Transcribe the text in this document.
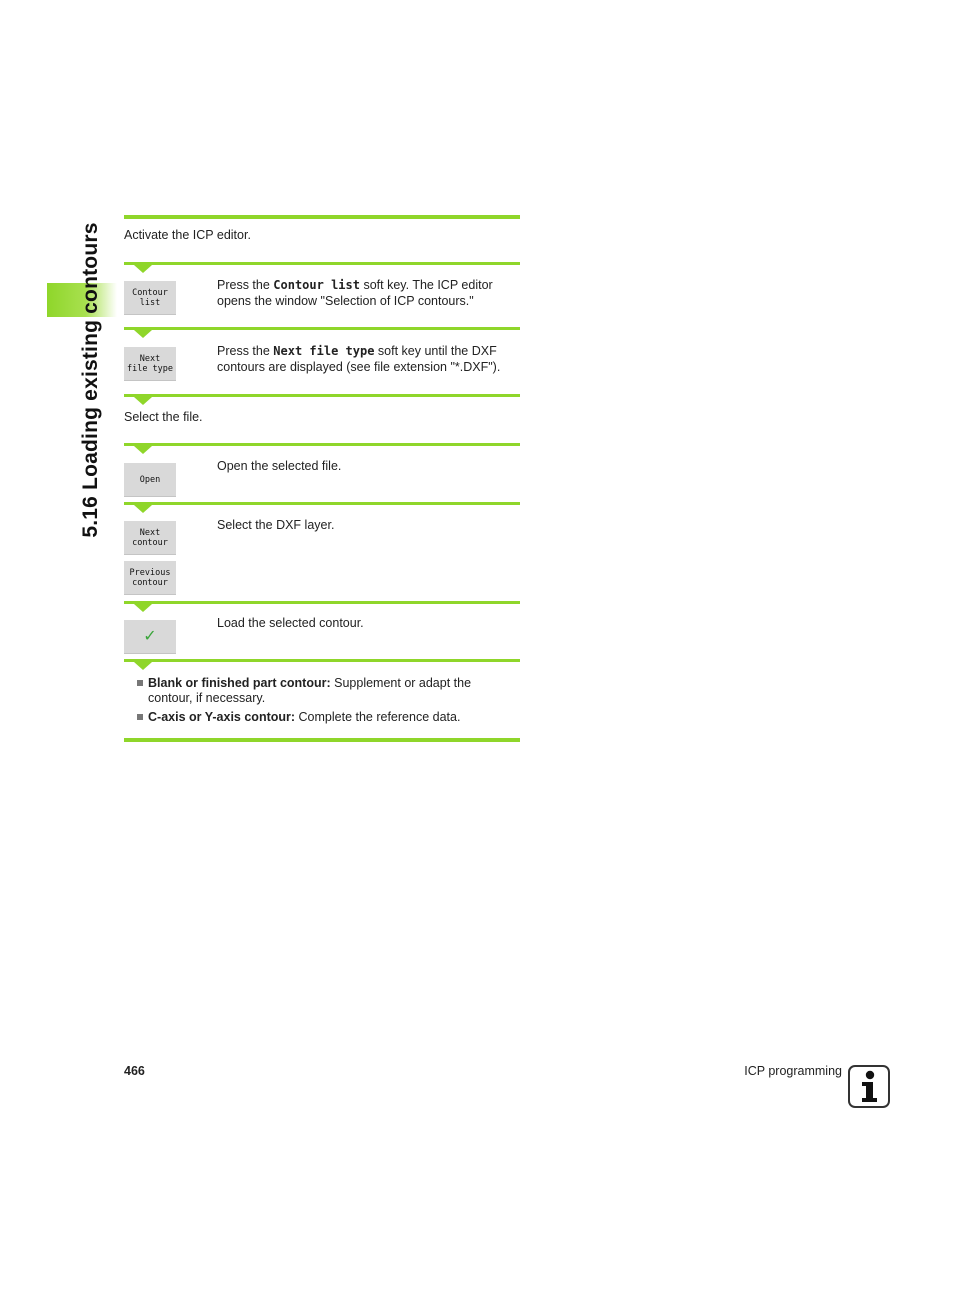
5.16 Loading existing contours Activate the ICP editor.
Contour
list
Press the Contour list soft key. The ICP editor opens the window "Selection of ICP contours."
Next
file type
Press the Next file type soft key until the DXF contours are displayed (see file extension "*.DXF").
Select the file.
Open
Open the selected file.
Next
contour
Previous
contour
Select the DXF layer.
✓
Load the selected contour.
Blank or finished part contour: Supplement or adapt the contour, if necessary.
C-axis or Y-axis contour: Complete the reference data.
466	ICP programming
